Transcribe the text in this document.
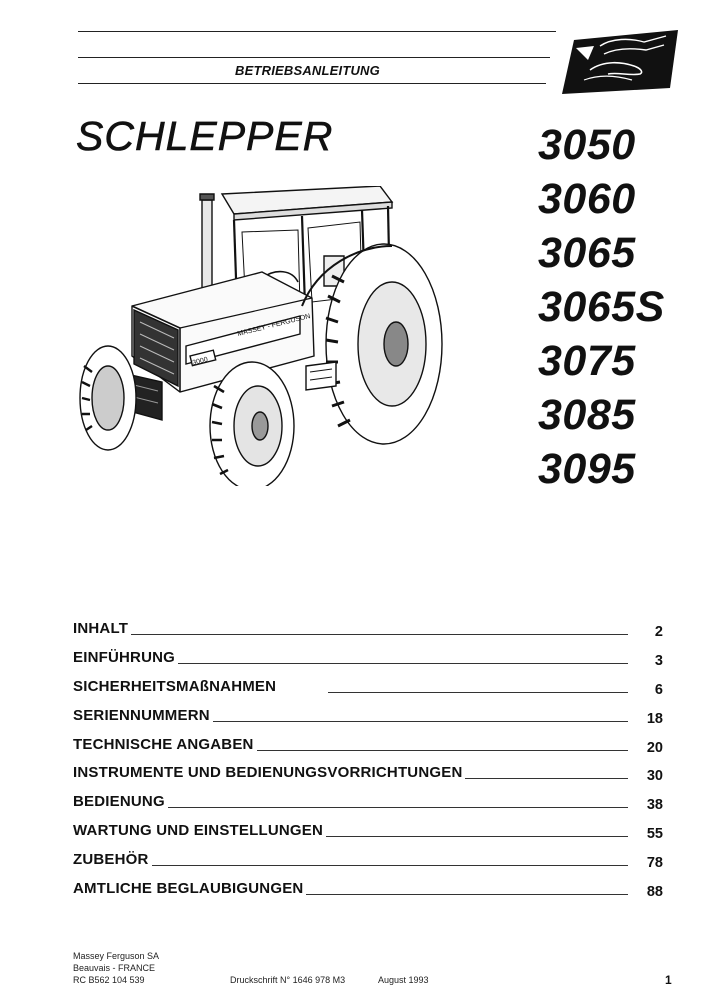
BETRIEBSANLEITUNG
SCHLEPPER	3050
3060
3065
3065S
3075
3085
3095
MASSEY - FERGUSON
3000
INHALT	2
EINFÜHRUNG	3
SICHERHEITSMAßNAHMEN	6
SERIENNUMMERN	18
TECHNISCHE ANGABEN	20
INSTRUMENTE UND BEDIENUNGSVORRICHTUNGEN	30
BEDIENUNG	38
WARTUNG UND EINSTELLUNGEN	55
ZUBEHÖR	78
AMTLICHE BEGLAUBIGUNGEN	88
Massey Ferguson SA
Beauvais - FRANCE
RC B562 104 539	Druckschrift N° 1646 978 M3	August 1993	1
